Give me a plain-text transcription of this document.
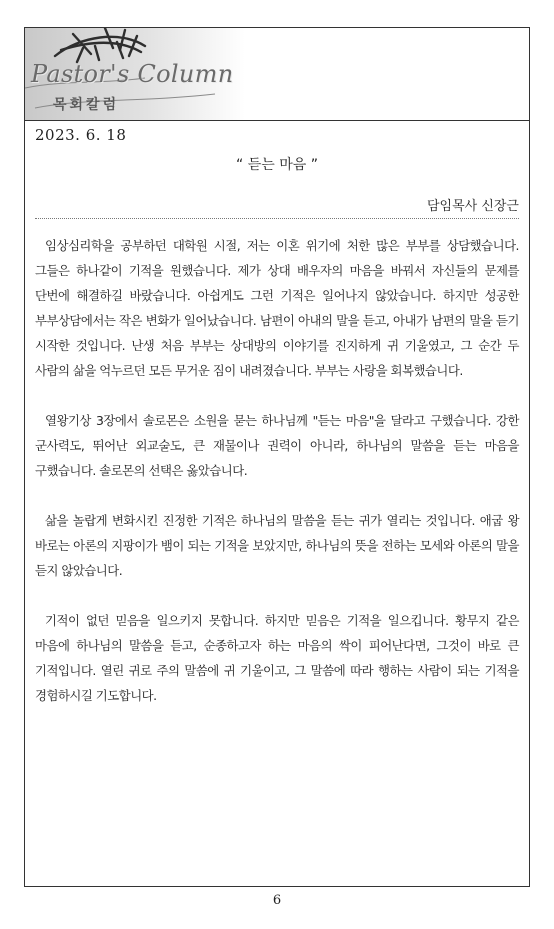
Pastor's Column
목회칼럼
2023. 6. 18
“ 듣는 마음 ”
담임목사 신장근

임상심리학을 공부하던 대학원 시절, 저는 이혼 위기에 처한 많은 부부를 상담했습니다. 그들은 하나같이 기적을 원했습니다. 제가 상대 배우자의 마음을 바꿔서 자신들의 문제를 단번에 해결하길 바랐습니다. 아쉽게도 그런 기적은 일어나지 않았습니다. 하지만 성공한 부부상담에서는 작은 변화가 일어났습니다. 남편이 아내의 말을 듣고, 아내가 남편의 말을 듣기 시작한 것입니다. 난생 처음 부부는 상대방의 이야기를 진지하게 귀 기울였고, 그 순간 두 사람의 삶을 억누르던 모든 무거운 짐이 내려졌습니다. 부부는 사랑을 회복했습니다.

열왕기상 3장에서 솔로몬은 소원을 묻는 하나님께 "듣는 마음"을 달라고 구했습니다. 강한 군사력도, 뛰어난 외교술도, 큰 재물이나 권력이 아니라, 하나님의 말씀을 듣는 마음을 구했습니다. 솔로몬의 선택은 옳았습니다.

삶을 놀랍게 변화시킨 진정한 기적은 하나님의 말씀을 듣는 귀가 열리는 것입니다. 애굽 왕 바로는 아론의 지팡이가 뱀이 되는 기적을 보았지만, 하나님의 뜻을 전하는 모세와 아론의 말을 듣지 않았습니다.

기적이 없던 믿음을 일으키지 못합니다. 하지만 믿음은 기적을 일으킵니다. 황무지 같은 마음에 하나님의 말씀을 듣고, 순종하고자 하는 마음의 싹이 피어난다면, 그것이 바로 큰 기적입니다. 열린 귀로 주의 말씀에 귀 기울이고, 그 말씀에 따라 행하는 사람이 되는 기적을 경험하시길 기도합니다.

6
